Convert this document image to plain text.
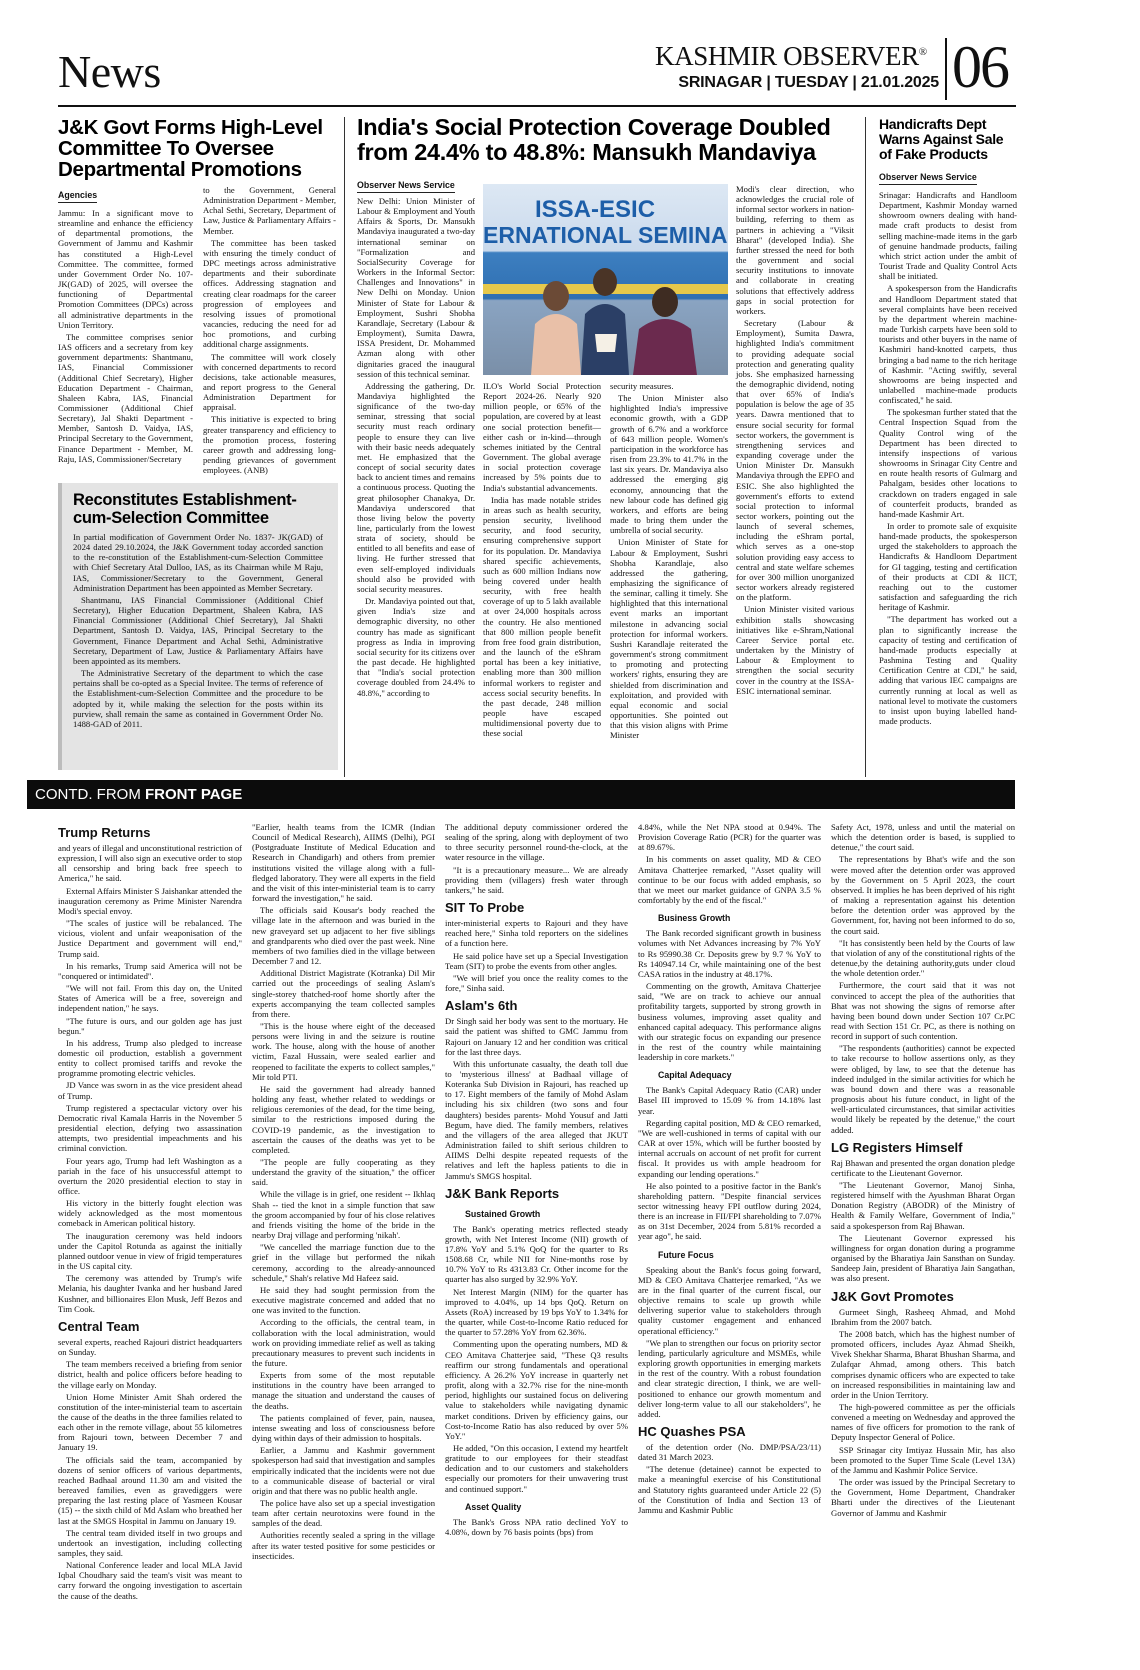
News	KASHMIR OBSERVER®
SRINAGAR | TUESDAY | 21.01.2025 06
J&K Govt Forms High-Level Committee To Oversee Departmental Promotions
Agencies

Jammu: In a significant move to streamline and enhance the efficiency of departmental promotions, the Government of Jammu and Kashmir has constituted a High-Level Committee. The committee, formed under Government Order No. 107-JK(GAD) of 2025, will oversee the functioning of Departmental Promotion Committees (DPCs) across all administrative departments in the Union Territory.

The committee comprises senior IAS officers and a secretary from key government departments: Shantmanu, IAS, Financial Commissioner (Additional Chief Secretary), Higher Education Department - Chairman, Shaleen Kabra, IAS, Financial Commissioner (Additional Chief Secretary), Jal Shakti Department - Member, Santosh D. Vaidya, IAS, Principal Secretary to the Government, Finance Department - Member, M. Raju, IAS, Commissioner/Secretary

to the Government, General Administration Department - Member, Achal Sethi, Secretary, Department of Law, Justice & Parliamentary Affairs - Member.

The committee has been tasked with ensuring the timely conduct of DPC meetings across administrative departments and their subordinate offices. Addressing stagnation and creating clear roadmaps for the career progression of employees and resolving issues of promotional vacancies, reducing the need for ad hoc promotions, and curbing additional charge assignments.

The committee will work closely with concerned departments to record decisions, take actionable measures, and report progress to the General Administration Department for appraisal.

This initiative is expected to bring greater transparency and efficiency to the promotion process, fostering career growth and addressing long-pending grievances of government employees. (ANB)

Reconstitutes Establishment-cum-Selection Committee

In partial modification of Government Order No. 1837- JK(GAD) of 2024 dated 29.10.2024, the J&K Government today accorded sanction to the re-constitution of the Establishment-cum-Selection Committee with Chief Secretary Atal Dulloo, IAS, as its Chairman while M Raju, IAS, Commissioner/Secretary to the Government, General Administration Department has been appointed as Member Secretary.

Shantmanu, IAS Financial Commissioner (Additional Chief Secretary), Higher Education Department, Shaleen Kabra, IAS Financial Commissioner (Additional Chief Secretary), Jal Shakti Department, Santosh D. Vaidya, IAS, Principal Secretary to the Government, Finance Department and Achal Sethi, Administrative Secretary, Department of Law, Justice & Parliamentary Affairs have been appointed as its members.

The Administrative Secretary of the department to which the case pertains shall be co-opted as a Special Invitee. The terms of reference of the Establishment-cum-Selection Committee and the procedure to be adopted by it, while making the selection for the posts within its purview, shall remain the same as contained in Government Order No. 1488-GAD of 2011.

India's Social Protection Coverage Doubled from 24.4% to 48.8%: Mansukh Mandaviya
Observer News Service
ISSA-ESIC
ERNATIONAL SEMINA

New Delhi: Union Minister of Labour & Employment and Youth Affairs & Sports, Dr. Mansukh Mandaviya inaugurated a two-day international seminar on "Formalization and SocialSecurity Coverage for Workers in the Informal Sector: Challenges and Innovations" in New Delhi on Monday. Union Minister of State for Labour & Employment, Sushri Shobha Karandlaje, Secretary (Labour & Employment), Sumita Dawra, ISSA President, Dr. Mohammed Azman along with other dignitaries graced the inaugural session of this technical seminar.

Addressing the gathering, Dr. Mandaviya highlighted the significance of the two-day seminar, stressing that social security must reach ordinary people to ensure they can live with their basic needs adequately met. He emphasized that the concept of social security dates back to ancient times and remains a continuous process. Quoting the great philosopher Chanakya, Dr. Mandaviya underscored that those living below the poverty line, particularly from the lowest strata of society, should be entitled to all benefits and ease of living. He further stressed that even self-employed individuals should also be provided with social security measures.

Dr. Mandaviya pointed out that, given India's size and demographic diversity, no other country has made as significant progress as India in improving social security for its citizens over the past decade. He highlighted that "India's social protection coverage doubled from 24.4% to 48.8%," according to

ILO's World Social Protection Report 2024-26. Nearly 920 million people, or 65% of the population, are covered by at least one social protection benefit—either cash or in-kind—through schemes initiated by the Central Government. The global average in social protection coverage increased by 5% points due to India's substantial advancements.

India has made notable strides in areas such as health security, pension security, livelihood security, and food security, ensuring comprehensive support for its population. Dr. Mandaviya shared specific achievements, such as 600 million Indians now being covered under health security, with free health coverage of up to 5 lakh available at over 24,000 hospitals across the country. He also mentioned that 800 million people benefit from free food grain distribution, and the launch of the eShram portal has been a key initiative, enabling more than 300 million informal workers to register and access social security benefits. In the past decade, 248 million people have escaped multidimensional poverty due to these social

security measures.

The Union Minister also highlighted India's impressive economic growth, with a GDP growth of 6.7% and a workforce of 643 million people. Women's participation in the workforce has risen from 23.3% to 41.7% in the last six years. Dr. Mandaviya also addressed the emerging gig economy, announcing that the new labour code has defined gig workers, and efforts are being made to bring them under the umbrella of social security.

Union Minister of State for Labour & Employment, Sushri Shobha Karandlaje, also addressed the gathering, emphasizing the significance of the seminar, calling it timely. She highlighted that this international event marks an important milestone in advancing social protection for informal workers. Sushri Karandlaje reiterated the government's strong commitment to promoting and protecting workers' rights, ensuring they are shielded from discrimination and exploitation, and provided with equal economic and social opportunities. She pointed out that this vision aligns with Prime Minister

Modi's clear direction, who acknowledges the crucial role of informal sector workers in nation-building, referring to them as partners in achieving a "Viksit Bharat" (developed India). She further stressed the need for both the government and social security institutions to innovate and collaborate in creating solutions that effectively address gaps in social protection for workers.

Secretary (Labour & Employment), Sumita Dawra, highlighted India's commitment to providing adequate social protection and generating quality jobs. She emphasized harnessing the demographic dividend, noting that over 65% of India's population is below the age of 35 years. Dawra mentioned that to ensure social security for formal sector workers, the government is strengthening services and expanding coverage under the Union Minister Dr. Mansukh Mandaviya through the EPFO and ESIC. She also highlighted the government's efforts to extend social protection to informal sector workers, pointing out the launch of several schemes, including the eShram portal, which serves as a one-stop solution providing easy access to central and state welfare schemes for over 300 million unorganized sector workers already registered on the platform.

Union Minister visited various exhibition stalls showcasing initiatives like e-Shram,National Career Service portal etc. undertaken by the Ministry of Labour & Employment to strengthen the social security cover in the country at the ISSA-ESIC international seminar.

Handicrafts Dept Warns Against Sale of Fake Products
Observer News Service

Srinagar: Handicrafts and Handloom Department, Kashmir Monday warned showroom owners dealing with hand-made craft products to desist from selling machine-made items in the garb of genuine handmade products, failing which strict action under the ambit of Tourist Trade and Quality Control Acts shall be initiated.

A spokesperson from the Handicrafts and Handloom Department stated that several complaints have been received by the department wherein machine-made Turkish carpets have been sold to tourists and other buyers in the name of Kashmiri hand-knotted carpets, thus bringing a bad name to the rich heritage of Kashmir. "Acting swiftly, several showrooms are being inspected and unlabelled machine-made products confiscated," he said.

The spokesman further stated that the Central Inspection Squad from the Quality Control wing of the Department has been directed to intensify inspections of various showrooms in Srinagar City Centre and en route health resorts of Gulmarg and Pahalgam, besides other locations to crackdown on traders engaged in sale of counterfeit products, branded as hand-made Kashmir Art.

In order to promote sale of exquisite hand-made products, the spokesperson urged the stakeholders to approach the Handicrafts & Handloom Department for GI tagging, testing and certification of their products at CDI & IICT, reaching out to the customer satisfaction and safeguarding the rich heritage of Kashmir.

"The department has worked out a plan to significantly increase the capacity of testing and certification of hand-made products especially at Pashmina Testing and Quality Certification Centre at CDI," he said, adding that various IEC campaigns are currently running at local as well as national level to motivate the customers to insist upon buying labelled hand-made products.

CONTD. FROM FRONT PAGE
Trump Returns

and years of illegal and unconstitutional restriction of expression, I will also sign an executive order to stop all censorship and bring back free speech to America," he said.

External Affairs Minister S Jaishankar attended the inauguration ceremony as Prime Minister Narendra Modi's special envoy.

"The scales of justice will be rebalanced. The vicious, violent and unfair weaponisation of the Justice Department and government will end," Trump said.

In his remarks, Trump said America will not be "conquered or intimidated".

"We will not fail. From this day on, the United States of America will be a free, sovereign and independent nation," he says.

"The future is ours, and our golden age has just begun."

In his address, Trump also pledged to increase domestic oil production, establish a government entity to collect promised tariffs and revoke the programme promoting electric vehicles.

JD Vance was sworn in as the vice president ahead of Trump.

Trump registered a spectacular victory over his Democratic rival Kamala Harris in the November 5 presidential election, defying two assassination attempts, two presidential impeachments and his criminal conviction.

Four years ago, Trump had left Washington as a pariah in the face of his unsuccessful attempt to overturn the 2020 presidential election to stay in office.

His victory in the bitterly fought election was widely acknowledged as the most momentous comeback in American political history.

The inauguration ceremony was held indoors under the Capitol Rotunda as against the initially planned outdoor venue in view of frigid temperatures in the US capital city.

The ceremony was attended by Trump's wife Melania, his daughter Ivanka and her husband Jared Kushner, and billionaires Elon Musk, Jeff Bezos and Tim Cook.

Central Team

several experts, reached Rajouri district headquarters on Sunday.

The team members received a briefing from senior district, health and police officers before heading to the village early on Monday.

Union Home Minister Amit Shah ordered the constitution of the inter-ministerial team to ascertain the cause of the deaths in the three families related to each other in the remote village, about 55 kilometres from Rajouri town, between December 7 and January 19.

The officials said the team, accompanied by dozens of senior officers of various departments, reached Badhaal around 11.30 am and visited the bereaved families, even as gravediggers were preparing the last resting place of Yasmeen Kousar (15) -- the sixth child of Md Aslam who breathed her last at the SMGS Hospital in Jammu on January 19.

The central team divided itself in two groups and undertook an investigation, including collecting samples, they said.

National Conference leader and local MLA Javid Iqbal Choudhary said the team's visit was meant to carry forward the ongoing investigation to ascertain the cause of the deaths.

"Earlier, health teams from the ICMR (Indian Council of Medical Research), AIIMS (Delhi), PGI (Postgraduate Institute of Medical Education and Research in Chandigarh) and others from premier institutions visited the village along with a full-fledged laboratory. They were all experts in the field and the visit of this inter-ministerial team is to carry forward the investigation," he said.

The officials said Kousar's body reached the village late in the afternoon and was buried in the new graveyard set up adjacent to her five siblings and grandparents who died over the past week. Nine members of two families died in the village between December 7 and 12.

Additional District Magistrate (Kotranka) Dil Mir carried out the proceedings of sealing Aslam's single-storey thatched-roof home shortly after the experts accompanying the team collected samples from there.

"This is the house where eight of the deceased persons were living in and the seizure is routine work. The house, along with the house of another victim, Fazal Hussain, were sealed earlier and reopened to facilitate the experts to collect samples," Mir told PTI.

He said the government had already banned holding any feast, whether related to weddings or religious ceremonies of the dead, for the time being, similar to the restrictions imposed during the COVID-19 pandemic, as the investigation to ascertain the causes of the deaths was yet to be completed.

"The people are fully cooperating as they understand the gravity of the situation," the officer said.

While the village is in grief, one resident -- Ikhlaq Shah -- tied the knot in a simple function that saw the groom accompanied by four of his close relatives and friends visiting the home of the bride in the nearby Draj village and performing 'nikah'.

"We cancelled the marriage function due to the grief in the village but performed the nikah ceremony, according to the already-announced schedule," Shah's relative Md Hafeez said.

He said they had sought permission from the executive magistrate concerned and added that no one was invited to the function.

According to the officials, the central team, in collaboration with the local administration, would work on providing immediate relief as well as taking precautionary measures to prevent such incidents in the future.

Experts from some of the most reputable institutions in the country have been arranged to manage the situation and understand the causes of the deaths.

The patients complained of fever, pain, nausea, intense sweating and loss of consciousness before dying within days of their admission to hospitals.

Earlier, a Jammu and Kashmir government spokesperson had said that investigation and samples empirically indicated that the incidents were not due to a communicable disease of bacterial or viral origin and that there was no public health angle.

The police have also set up a special investigation team after certain neurotoxins were found in the samples of the dead.

Authorities recently sealed a spring in the village after its water tested positive for some pesticides or insecticides.

The additional deputy commissioner ordered the sealing of the spring, along with deployment of two to three security personnel round-the-clock, at the water resource in the village.

"It is a precautionary measure... We are already providing them (villagers) fresh water through tankers," he said.

SIT To Probe

inter-ministerial experts to Rajouri and they have reached here," Sinha told reporters on the sidelines of a function here.

He said police have set up a Special Investigation Team (SIT) to probe the events from other angles.

"We will brief you once the reality comes to the fore," Sinha said.

Aslam's 6th

Dr Singh said her body was sent to the mortuary. He said the patient was shifted to GMC Jammu from Rajouri on January 12 and her condition was critical for the last three days.

With this unfortunate casualty, the death toll due to 'mysterious illness' at Badhaal village of Koteranka Sub Division in Rajouri, has reached up to 17. Eight members of the family of Mohd Aslam including his six children (two sons and four daughters) besides parents- Mohd Yousuf and Jatti Begum, have died. The family members, relatives and the villagers of the area alleged that JKUT Administration failed to shift serious children to AIIMS Delhi despite repeated requests of the relatives and left the hapless patients to die in Jammu's SMGS hospital.

J&K Bank Reports
Sustained Growth

The Bank's operating metrics reflected steady growth, with Net Interest Income (NII) growth of 17.8% YoY and 5.1% QoQ for the quarter to Rs 1508.68 Cr, while NII for Nine-months rose by 10.7% YoY to Rs 4313.83 Cr. Other income for the quarter has also surged by 32.9% YoY.

Net Interest Margin (NIM) for the quarter has improved to 4.04%, up 14 bps QoQ. Return on Assets (RoA) increased by 19 bps YoY to 1.34% for the quarter, while Cost-to-Income Ratio reduced for the quarter to 57.28% YoY from 62.36%.

Commenting upon the operating numbers, MD & CEO Amitava Chatterjee said, "These Q3 results reaffirm our strong fundamentals and operational efficiency. A 26.2% YoY increase in quarterly net profit, along with a 32.7% rise for the nine-month period, highlights our sustained focus on delivering value to stakeholders while navigating dynamic market conditions. Driven by efficiency gains, our Cost-to-Income Ratio has also reduced by over 5% YoY."

He added, "On this occasion, I extend my heartfelt gratitude to our employees for their steadfast dedication and to our customers and stakeholders especially our promoters for their unwavering trust and continued support."

Asset Quality

The Bank's Gross NPA ratio declined YoY to 4.08%, down by 76 basis points (bps) from

4.84%, while the Net NPA stood at 0.94%. The Provision Coverage Ratio (PCR) for the quarter was at 89.67%.

In his comments on asset quality, MD & CEO Amitava Chatterjee remarked, "Asset quality will continue to be our focus with added emphasis, so that we meet our market guidance of GNPA 3.5 % comfortably by the end of the fiscal."

Business Growth

The Bank recorded significant growth in business volumes with Net Advances increasing by 7% YoY to Rs 95990.38 Cr. Deposits grew by 9.7 % YoY to Rs 140947.14 Cr, while maintaining one of the best CASA ratios in the industry at 48.17%.

Commenting on the growth, Amitava Chatterjee said, "We are on track to achieve our annual profitability targets, supported by strong growth in business volumes, improving asset quality and enhanced capital adequacy. This performance aligns with our strategic focus on expanding our presence in the rest of the country while maintaining leadership in core markets."

Capital Adequacy

The Bank's Capital Adequacy Ratio (CAR) under Basel III improved to 15.09 % from 14.18% last year.

Regarding capital position, MD & CEO remarked, "We are well-cushioned in terms of capital with our CAR at over 15%, which will be further boosted by internal accruals on account of net profit for current fiscal. It provides us with ample headroom for expanding our lending operations."

He also pointed to a positive factor in the Bank's shareholding pattern. "Despite financial services sector witnessing heavy FPI outflow during 2024, there is an increase in FII/FPI shareholding to 7.07% as on 31st December, 2024 from 5.81% recorded a year ago", he said.

Future Focus

Speaking about the Bank's focus going forward, MD & CEO Amitava Chatterjee remarked, "As we are in the final quarter of the current fiscal, our objective remains to scale up growth while delivering superior value to stakeholders through quality customer engagement and enhanced operational efficiency."

"We plan to strengthen our focus on priority sector lending, particularly agriculture and MSMEs, while exploring growth opportunities in emerging markets in the rest of the country. With a robust foundation and clear strategic direction, I think, we are well-positioned to enhance our growth momentum and deliver long-term value to all our stakeholders", he added.

HC Quashes PSA

of the detention order (No. DMP/PSA/23/11) dated 31 March 2023.

"The detenue (detainee) cannot be expected to make a meaningful exercise of his Constitutional and Statutory rights guaranteed under Article 22 (5) of the Constitution of India and Section 13 of Jammu and Kashmir Public

Safety Act, 1978, unless and until the material on which the detention order is based, is supplied to detenue," the court said.

The representations by Bhat's wife and the son were moved after the detention order was approved by the Government on 5 April 2023, the court observed. It implies he has been deprived of his right of making a representation against his detention before the detention order was approved by the Government, for, having not been informed to do so, the court said.

"It has consistently been held by the Courts of law that violation of any of the constitutional rights of the detenue,by the detaining authority,guts under cloud the whole detention order."

Furthermore, the court said that it was not convinced to accept the plea of the authorities that Bhat was not showing the signs of remorse after having been bound down under Section 107 Cr.PC read with Section 151 Cr. PC, as there is nothing on record in support of such contention.

"The respondents (authorities) cannot be expected to take recourse to hollow assertions only, as they were obliged, by law, to see that the detenue has indeed indulged in the similar activities for which he was bound down and there was a reasonable prognosis about his future conduct, in light of the well-articulated circumstances, that similar activities would likely be repeated by the detenue," the court added.

LG Registers Himself

Raj Bhawan and presented the organ donation pledge certificate to the Lieutenant Governor.

"The Lieutenant Governor, Manoj Sinha, registered himself with the Ayushman Bharat Organ Donation Registry (ABODR) of the Ministry of Health & Family Welfare, Government of India," said a spokesperson from Raj Bhawan.

The Lieutenant Governor expressed his willingness for organ donation during a programme organised by the Bharatiya Jain Sansthan on Sunday. Sandeep Jain, president of Bharatiya Jain Sangathan, was also present.

J&K Govt Promotes

Gurmeet Singh, Rasheeq Ahmad, and Mohd Ibrahim from the 2007 batch.

The 2008 batch, which has the highest number of promoted officers, includes Ayaz Ahmad Sheikh, Vivek Shekhar Sharma, Bharat Bhushan Sharma, and Zulafqar Ahmad, among others. This batch comprises dynamic officers who are expected to take on increased responsibilities in maintaining law and order in the Union Territory.

The high-powered committee as per the officials convened a meeting on Wednesday and approved the names of five officers for promotion to the rank of Deputy Inspector General of Police.

SSP Srinagar city Imtiyaz Hussain Mir, has also been promoted to the Super Time Scale (Level 13A) of the Jammu and Kashmir Police Service.

The order was issued by the Principal Secretary to the Government, Home Department, Chandraker Bharti under the directives of the Lieutenant Governor of Jammu and Kashmir
